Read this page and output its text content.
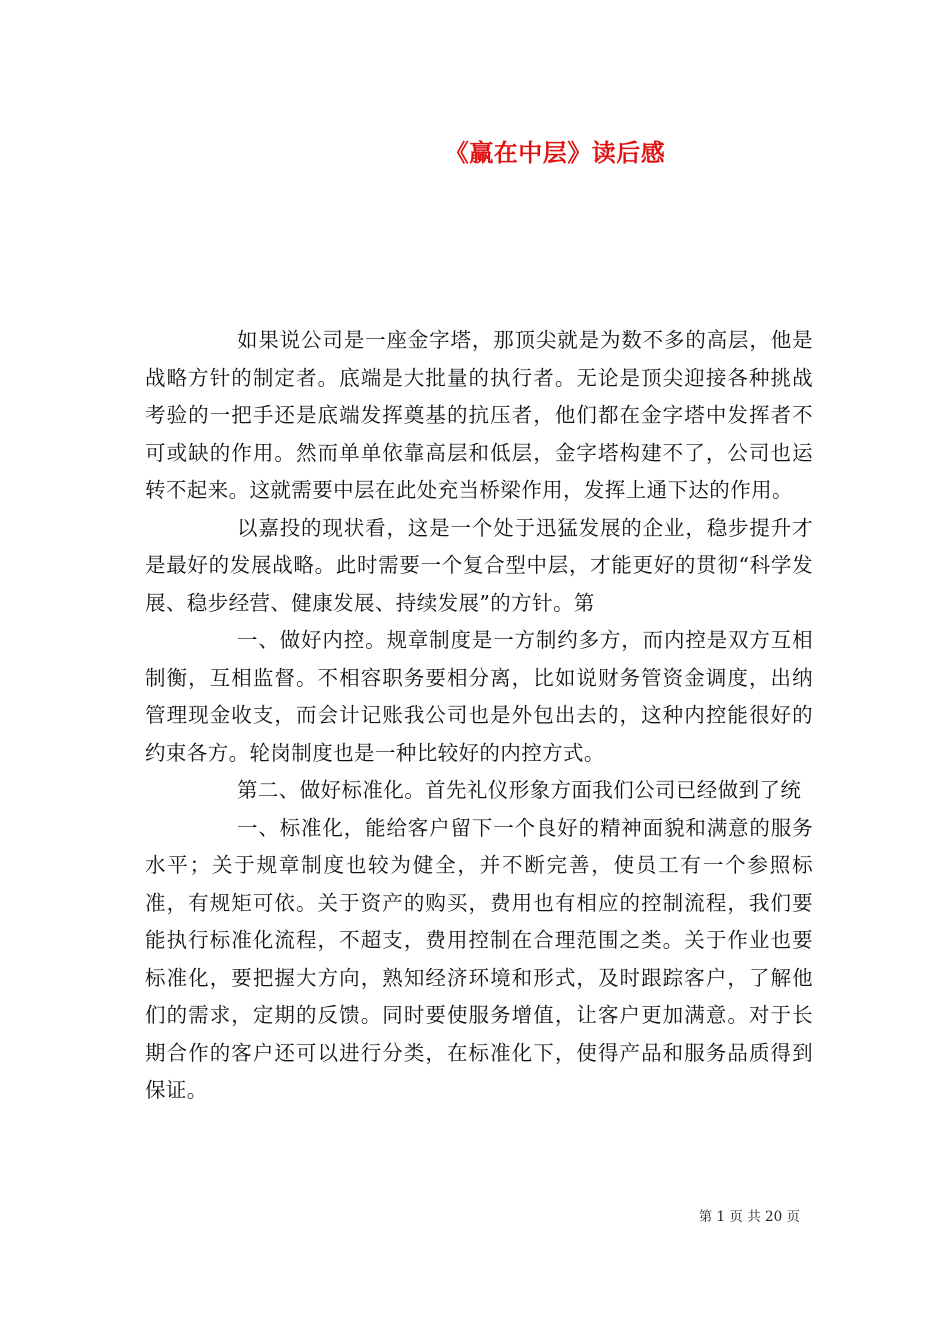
《赢在中层》读后感

如果说公司是一座金字塔，那顶尖就是为数不多的高层，他是战略方针的制定者。底端是大批量的执行者。无论是顶尖迎接各种挑战考验的一把手还是底端发挥奠基的抗压者，他们都在金字塔中发挥者不可或缺的作用。然而单单依靠高层和低层，金字塔构建不了，公司也运转不起来。这就需要中层在此处充当桥梁作用，发挥上通下达的作用。

以嘉投的现状看，这是一个处于迅猛发展的企业，稳步提升才是最好的发展战略。此时需要一个复合型中层，才能更好的贯彻“科学发展、稳步经营、健康发展、持续发展”的方针。第

一、做好内控。规章制度是一方制约多方，而内控是双方互相制衡，互相监督。不相容职务要相分离，比如说财务管资金调度，出纳管理现金收支，而会计记账我公司也是外包出去的，这种内控能很好的约束各方。轮岗制度也是一种比较好的内控方式。

第二、做好标准化。首先礼仪形象方面我们公司已经做到了统

一、标准化，能给客户留下一个良好的精神面貌和满意的服务水平；关于规章制度也较为健全，并不断完善，使员工有一个参照标准，有规矩可依。关于资产的购买，费用也有相应的控制流程，我们要能执行标准化流程，不超支，费用控制在合理范围之类。关于作业也要标准化，要把握大方向，熟知经济环境和形式，及时跟踪客户，了解他们的需求，定期的反馈。同时要使服务增值，让客户更加满意。对于长期合作的客户还可以进行分类，在标准化下，使得产品和服务品质得到保证。

第 1 页 共 20 页
